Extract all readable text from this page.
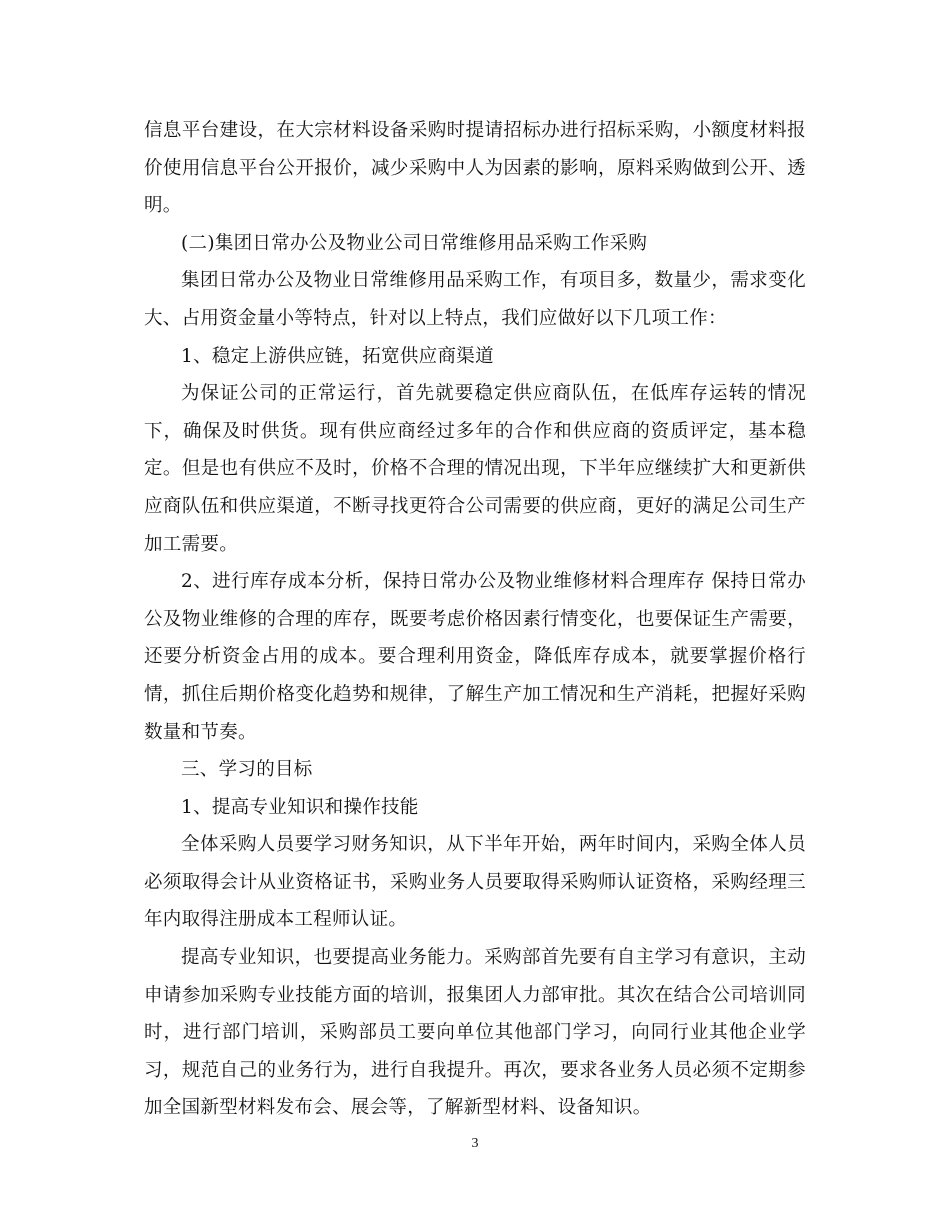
信息平台建设，在大宗材料设备采购时提请招标办进行招标采购，小额度材料报价使用信息平台公开报价，减少采购中人为因素的影响，原料采购做到公开、透明。

(二)集团日常办公及物业公司日常维修用品采购工作采购

集团日常办公及物业日常维修用品采购工作，有项目多，数量少，需求变化大、占用资金量小等特点，针对以上特点，我们应做好以下几项工作：

1、稳定上游供应链，拓宽供应商渠道

为保证公司的正常运行，首先就要稳定供应商队伍，在低库存运转的情况下，确保及时供货。现有供应商经过多年的合作和供应商的资质评定，基本稳定。但是也有供应不及时，价格不合理的情况出现，下半年应继续扩大和更新供应商队伍和供应渠道，不断寻找更符合公司需要的供应商，更好的满足公司生产加工需要。

2、进行库存成本分析，保持日常办公及物业维修材料合理库存 保持日常办公及物业维修的合理的库存，既要考虑价格因素行情变化，也要保证生产需要，还要分析资金占用的成本。要合理利用资金，降低库存成本，就要掌握价格行情，抓住后期价格变化趋势和规律，了解生产加工情况和生产消耗，把握好采购数量和节奏。

三、学习的目标

1、提高专业知识和操作技能

全体采购人员要学习财务知识，从下半年开始，两年时间内，采购全体人员必须取得会计从业资格证书，采购业务人员要取得采购师认证资格，采购经理三年内取得注册成本工程师认证。

提高专业知识，也要提高业务能力。采购部首先要有自主学习有意识，主动申请参加采购专业技能方面的培训，报集团人力部审批。其次在结合公司培训同时，进行部门培训，采购部员工要向单位其他部门学习，向同行业其他企业学习，规范自己的业务行为，进行自我提升。再次，要求各业务人员必须不定期参加全国新型材料发布会、展会等，了解新型材料、设备知识。

3
